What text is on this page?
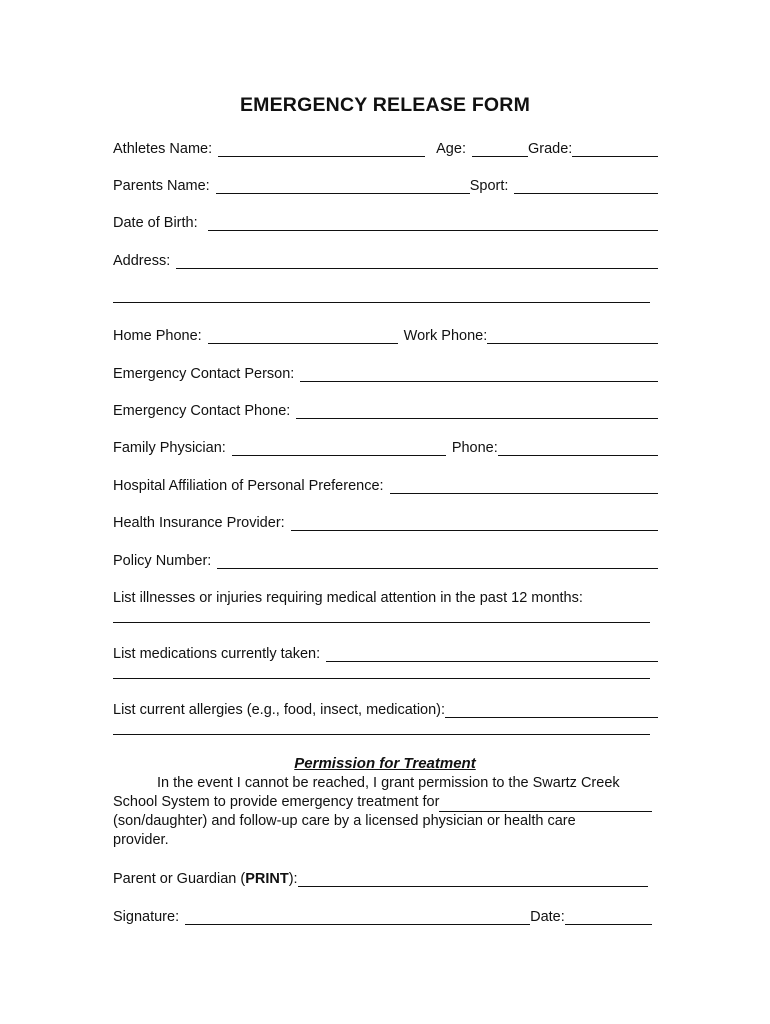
EMERGENCY RELEASE FORM
Athletes Name:	Age:	Grade:
Parents Name:	Sport:
Date of Birth:
Address:
Home Phone:	Work Phone:
Emergency Contact Person:
Emergency Contact Phone:
Family Physician:	Phone:
Hospital Affiliation of Personal Preference:
Health Insurance Provider:
Policy Number:
List illnesses or injuries requiring medical attention in the past 12 months:
List medications currently taken:
List current allergies (e.g., food, insect, medication):
Permission for Treatment
In the event I cannot be reached, I grant permission to the Swartz Creek
School System to provide emergency treatment for
(son/daughter) and follow-up care by a licensed physician or health care
provider.
Parent or Guardian ( PRINT ):
Signature:	Date:
